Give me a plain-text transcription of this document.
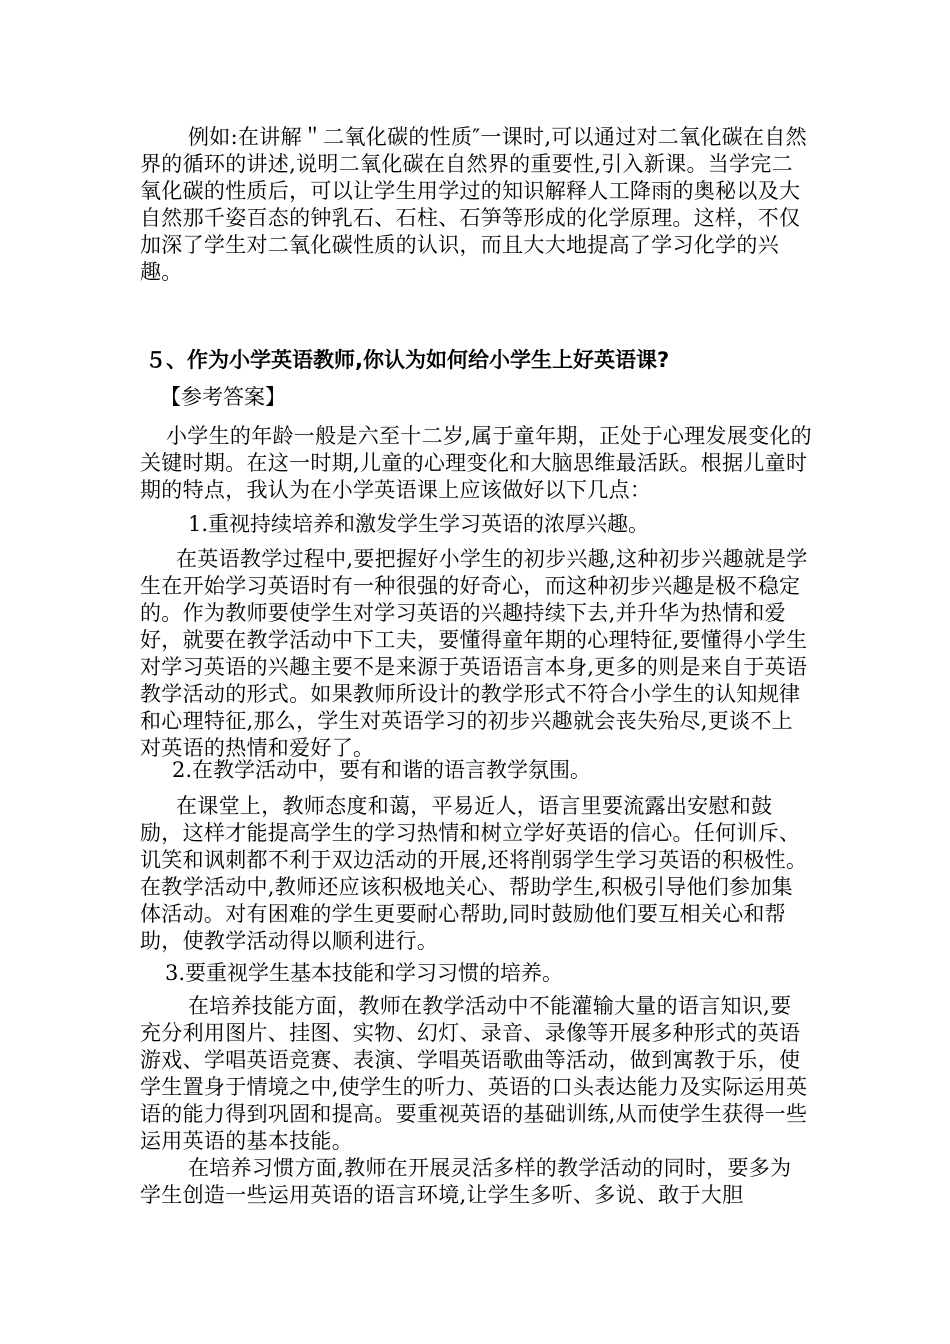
例如:在讲解＂二氧化碳的性质″一课时,可以通过对二氧化碳在自然界的循环的讲述,说明二氧化碳在自然界的重要性,引入新课。当学完二氧化碳的性质后，可以让学生用学过的知识解释人工降雨的奥秘以及大自然那千姿百态的钟乳石、石柱、石笋等形成的化学原理。这样，不仅加深了学生对二氧化碳性质的认识，而且大大地提高了学习化学的兴趣。

５、作为小学英语教师,你认为如何给小学生上好英语课?

【参考答案】

小学生的年龄一般是六至十二岁,属于童年期，正处于心理发展变化的关键时期。在这一时期,儿童的心理变化和大脑思维最活跃。根据儿童时期的特点，我认为在小学英语课上应该做好以下几点：

1.重视持续培养和激发学生学习英语的浓厚兴趣。

在英语教学过程中,要把握好小学生的初步兴趣,这种初步兴趣就是学生在开始学习英语时有一种很强的好奇心，而这种初步兴趣是极不稳定的。作为教师要使学生对学习英语的兴趣持续下去,并升华为热情和爱好，就要在教学活动中下工夫，要懂得童年期的心理特征,要懂得小学生对学习英语的兴趣主要不是来源于英语语言本身,更多的则是来自于英语教学活动的形式。如果教师所设计的教学形式不符合小学生的认知规律和心理特征,那么，学生对英语学习的初步兴趣就会丧失殆尽,更谈不上对英语的热情和爱好了。

2.在教学活动中，要有和谐的语言教学氛围。

在课堂上，教师态度和蔼，平易近人，语言里要流露出安慰和鼓励，这样才能提高学生的学习热情和树立学好英语的信心。任何训斥、讥笑和讽刺都不利于双边活动的开展,还将削弱学生学习英语的积极性。在教学活动中,教师还应该积极地关心、帮助学生,积极引导他们参加集体活动。对有困难的学生更要耐心帮助,同时鼓励他们要互相关心和帮助，使教学活动得以顺利进行。

3.要重视学生基本技能和学习习惯的培养。

在培养技能方面，教师在教学活动中不能灌输大量的语言知识,要充分利用图片、挂图、实物、幻灯、录音、录像等开展多种形式的英语游戏、学唱英语竞赛、表演、学唱英语歌曲等活动，做到寓教于乐，使学生置身于情境之中,使学生的听力、英语的口头表达能力及实际运用英语的能力得到巩固和提高。要重视英语的基础训练,从而使学生获得一些运用英语的基本技能。

在培养习惯方面,教师在开展灵活多样的教学活动的同时，要多为学生创造一些运用英语的语言环境,让学生多听、多说、敢于大胆
